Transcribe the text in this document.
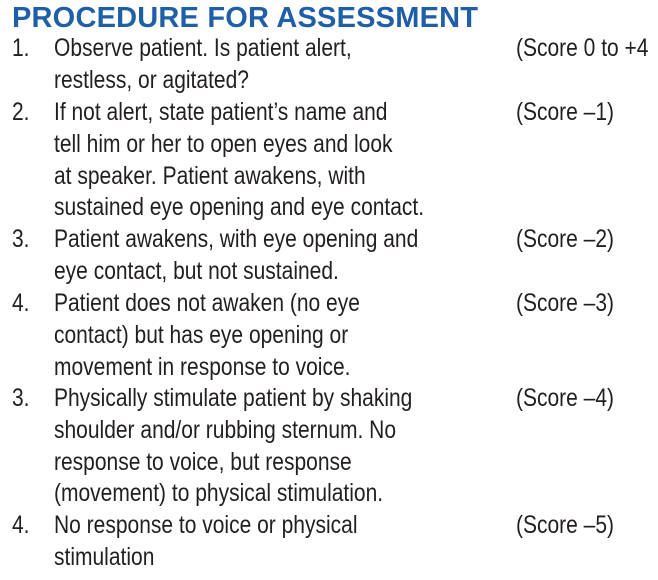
PROCEDURE FOR ASSESSMENT
1. Observe patient. Is patient alert,
restless, or agitated?
(Score 0 to +4
2. If not alert, state patient’s name and
tell him or her to open eyes and look
at speaker. Patient awakens, with
sustained eye opening and eye contact.
(Score –1)
3. Patient awakens, with eye opening and
eye contact, but not sustained.
(Score –2)
4. Patient does not awaken (no eye
contact) but has eye opening or
movement in response to voice.
(Score –3)
3. Physically stimulate patient by shaking
shoulder and/or rubbing sternum. No
response to voice, but response
(movement) to physical stimulation.
(Score –4)
4. No response to voice or physical
stimulation
(Score –5)
